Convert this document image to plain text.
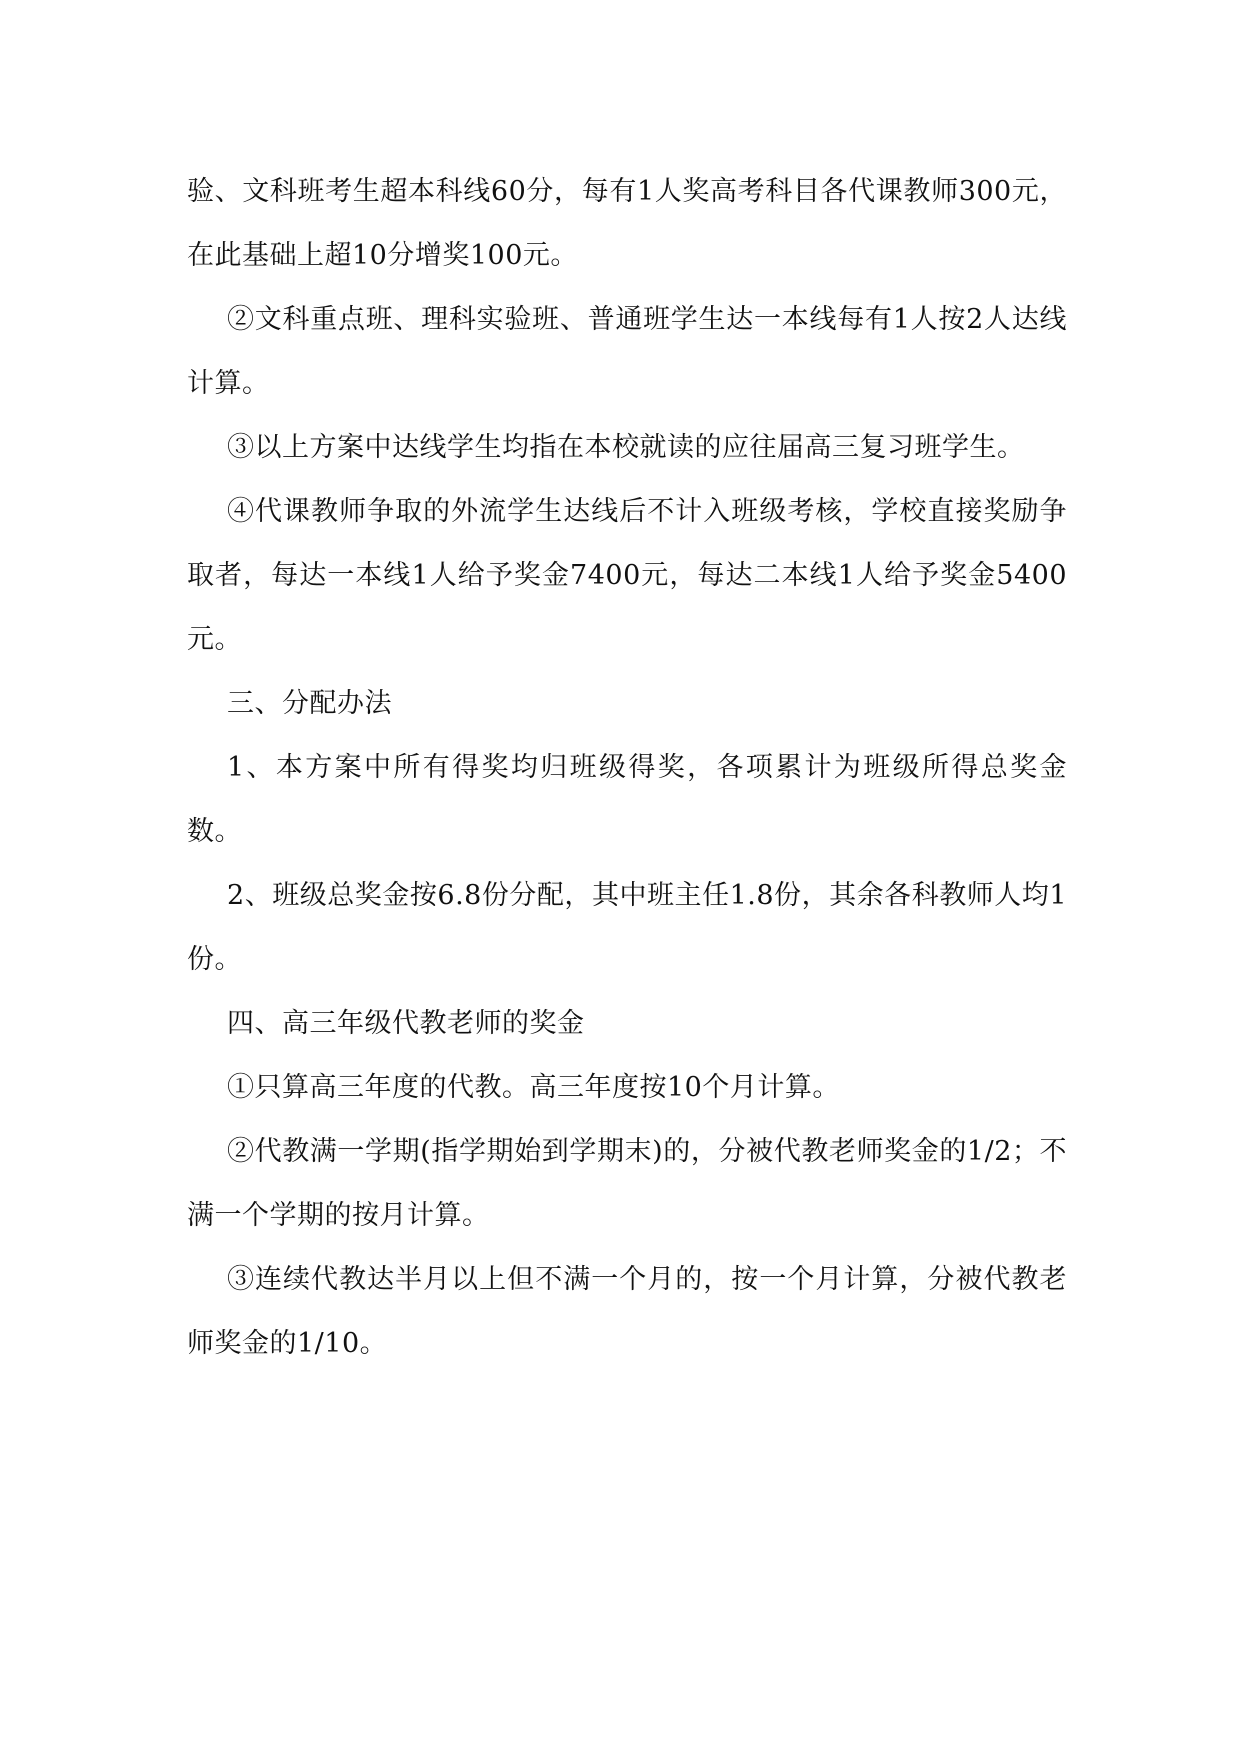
验、文科班考生超本科线60分，每有1人奖高考科目各代课教师300元，在此基础上超10分增奖100元。

②文科重点班、理科实验班、普通班学生达一本线每有1人按2人达线计算。

③以上方案中达线学生均指在本校就读的应往届高三复习班学生。

④代课教师争取的外流学生达线后不计入班级考核，学校直接奖励争取者，每达一本线1人给予奖金7400元，每达二本线1人给予奖金5400元。

三、分配办法

1、本方案中所有得奖均归班级得奖，各项累计为班级所得总奖金数。

2、班级总奖金按6.8份分配，其中班主任1.8份，其余各科教师人均1份。

四、高三年级代教老师的奖金

①只算高三年度的代教。高三年度按10个月计算。

②代教满一学期(指学期始到学期末)的，分被代教老师奖金的1/2；不满一个学期的按月计算。

③连续代教达半月以上但不满一个月的，按一个月计算，分被代教老师奖金的1/10。
